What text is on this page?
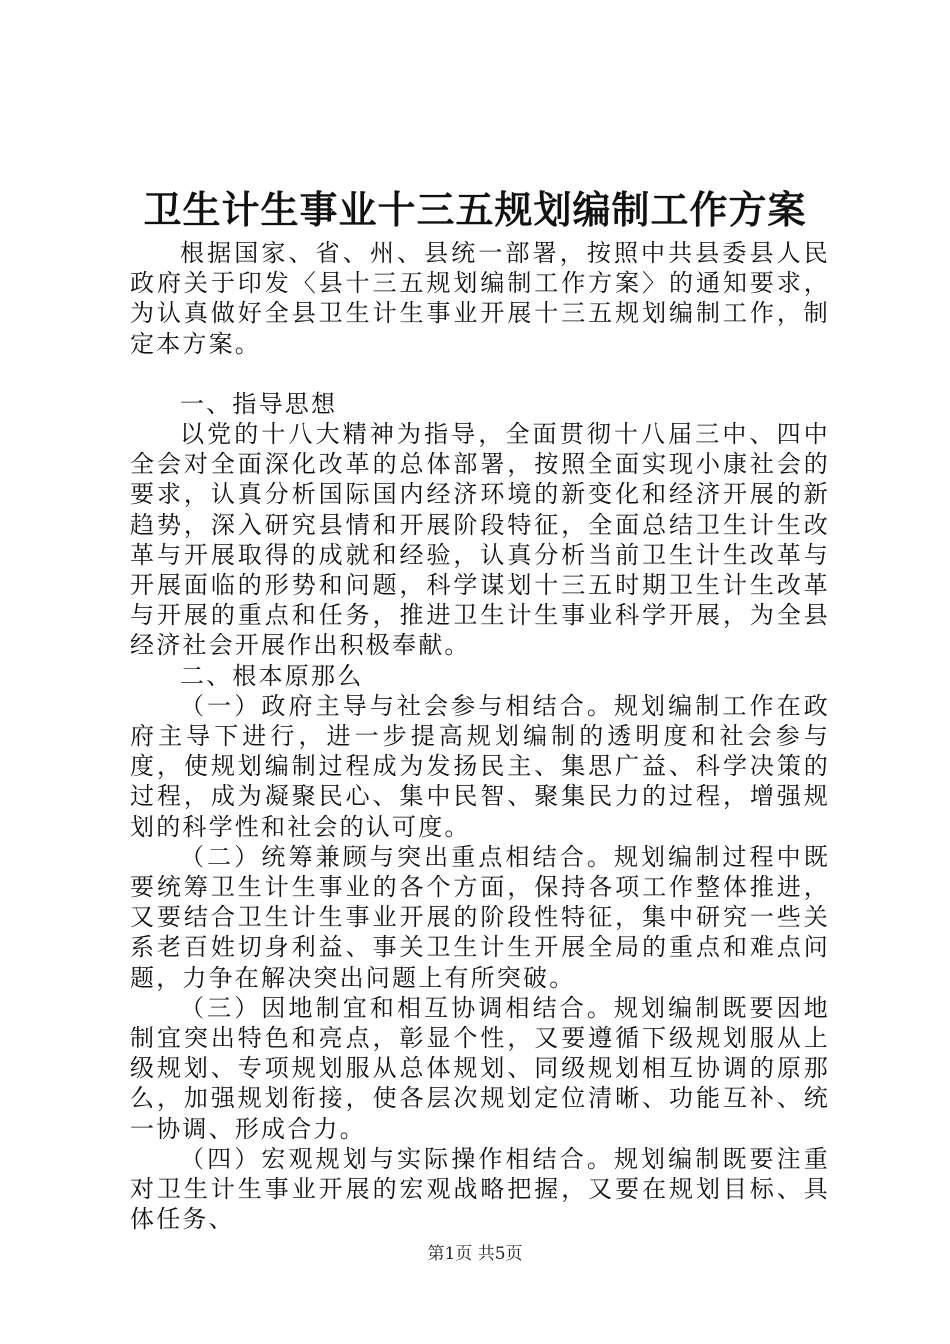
卫生计生事业十三五规划编制工作方案

根据国家、省、州、县统一部署，按照中共县委县人民政府关于印发〈县十三五规划编制工作方案〉的通知要求，为认真做好全县卫生计生事业开展十三五规划编制工作，制定本方案。

一、指导思想

以党的十八大精神为指导，全面贯彻十八届三中、四中全会对全面深化改革的总体部署，按照全面实现小康社会的要求，认真分析国际国内经济环境的新变化和经济开展的新趋势，深入研究县情和开展阶段特征，全面总结卫生计生改革与开展取得的成就和经验，认真分析当前卫生计生改革与开展面临的形势和问题，科学谋划十三五时期卫生计生改革与开展的重点和任务，推进卫生计生事业科学开展，为全县经济社会开展作出积极奉献。

二、根本原那么

（一）政府主导与社会参与相结合。规划编制工作在政府主导下进行，进一步提高规划编制的透明度和社会参与度，使规划编制过程成为发扬民主、集思广益、科学决策的过程，成为凝聚民心、集中民智、聚集民力的过程，增强规划的科学性和社会的认可度。

（二）统筹兼顾与突出重点相结合。规划编制过程中既要统筹卫生计生事业的各个方面，保持各项工作整体推进，又要结合卫生计生事业开展的阶段性特征，集中研究一些关系老百姓切身利益、事关卫生计生开展全局的重点和难点问题，力争在解决突出问题上有所突破。

（三）因地制宜和相互协调相结合。规划编制既要因地制宜突出特色和亮点，彰显个性，又要遵循下级规划服从上级规划、专项规划服从总体规划、同级规划相互协调的原那么，加强规划衔接，使各层次规划定位清晰、功能互补、统一协调、形成合力。

（四）宏观规划与实际操作相结合。规划编制既要注重对卫生计生事业开展的宏观战略把握，又要在规划目标、具体任务、

第1页 共5页
